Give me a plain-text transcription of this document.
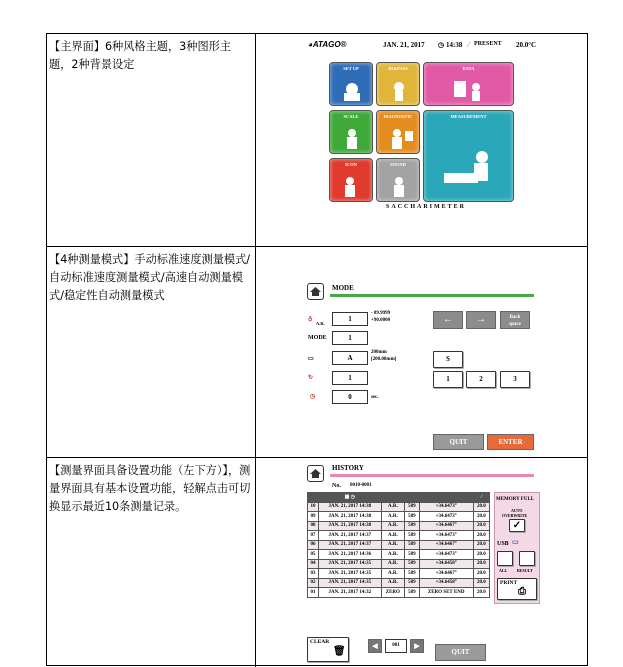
【主界面】6种风格主题，3种图形主题，2种背景设定
◕ATAGO®	JAN. 21, 2017 ◷ 14:38 ⁄ PRESENT 20.0°C
SET UP	ID&PASS	DATA
SCALE	DIAGNOSTIC	MEASUREMENT
ICON	SOUND
SACCHARIMETER
【4种测量模式】手动标准速度测量模式/自动标准速度测量模式/高速自动测量模式/稳定性自动测量模式
MODE
♁
A.R.
1
- 89.9999
+90.0000
MODE	1
▭	A
200mm
[200.00mm]
↻	1
◷	0	sec.
←	→	Back
space
S
1	2	3
QUIT	ENTER
【测量界面具备设置功能（左下方）】，测量界面具有基本设置功能，轻解点击可切换显示最近10条测量记录。
HISTORY
No. 0010-0001
	▦ ◷				⁄
10	JAN. 21, 2017 14:38	A.R.	589	+34.6473°	20.0
09	JAN. 21, 2017 14:38	A.R.	589	+34.6473°	20.0
08	JAN. 21, 2017 14:38	A.R.	589	+34.6467°	20.0
07	JAN. 21, 2017 14:37	A.R.	589	+34.6473°	20.0
06	JAN. 21, 2017 14:37	A.R.	589	+34.6467°	20.0
05	JAN. 21, 2017 14:36	A.R.	589	+34.6473°	20.0
04	JAN. 21, 2017 14:35	A.R.	589	+34.6458°	20.0
03	JAN. 21, 2017 14:35	A.R.	589	+34.6467°	20.0
02	JAN. 21, 2017 14:35	A.R.	589	+34.6458°	20.0
01	JAN. 21, 2017 14:32	ZERO	589	ZERO SET END	20.0
MEMORY FULL
AUTO
OVERWRITE
✓
USB ▭
ALL RESULT
PRINT
⎙
CLEAR
🗑	◀	001	▶
QUIT
